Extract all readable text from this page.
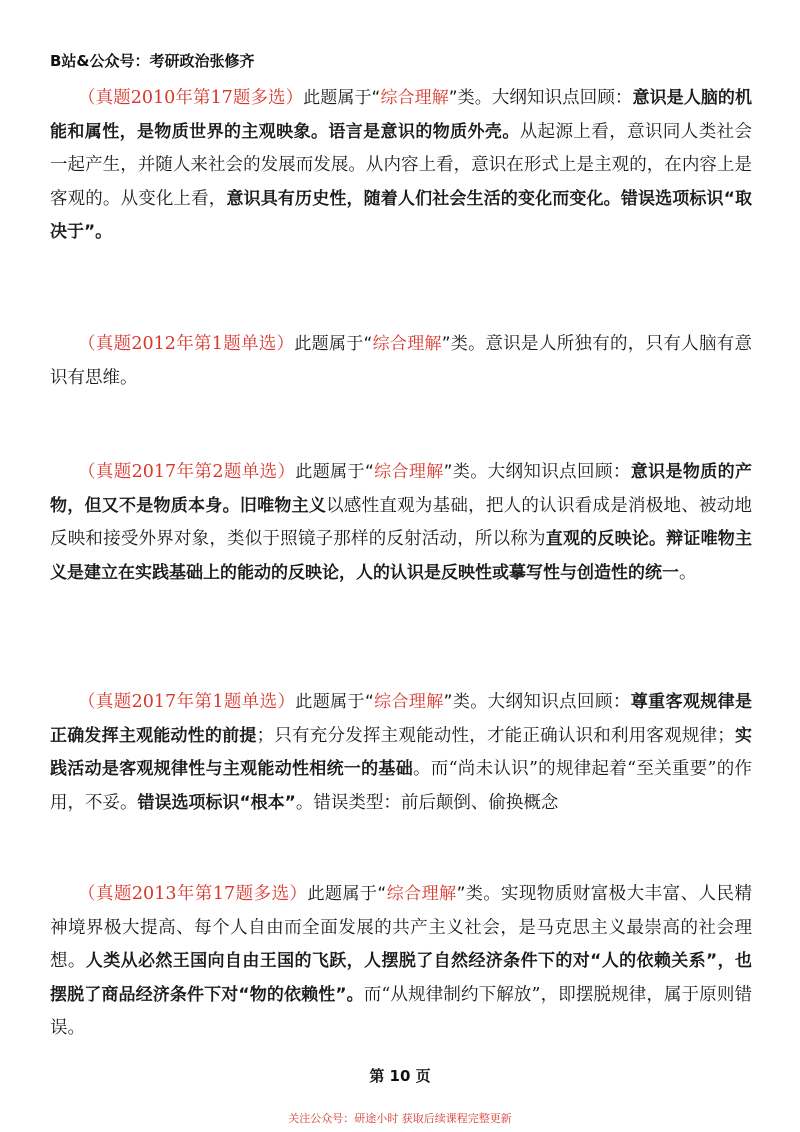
B站&公众号：考研政治张修齐

（真题2010年第17题多选）此题属于“综合理解”类。大纲知识点回顾：意识是人脑的机能和属性，是物质世界的主观映象。语言是意识的物质外壳。从起源上看，意识同人类社会一起产生，并随人来社会的发展而发展。从内容上看，意识在形式上是主观的，在内容上是客观的。从变化上看，意识具有历史性，随着人们社会生活的变化而变化。错误选项标识“取决于”。

（真题2012年第1题单选）此题属于“综合理解”类。意识是人所独有的，只有人脑有意识有思维。

（真题2017年第2题单选）此题属于“综合理解”类。大纲知识点回顾：意识是物质的产物，但又不是物质本身。旧唯物主义以感性直观为基础，把人的认识看成是消极地、被动地反映和接受外界对象，类似于照镜子那样的反射活动，所以称为直观的反映论。辩证唯物主义是建立在实践基础上的能动的反映论，人的认识是反映性或摹写性与创造性的统一。

（真题2017年第1题单选）此题属于“综合理解”类。大纲知识点回顾：尊重客观规律是正确发挥主观能动性的前提；只有充分发挥主观能动性，才能正确认识和利用客观规律；实践活动是客观规律性与主观能动性相统一的基础。而“尚未认识”的规律起着“至关重要”的作用，不妥。错误选项标识“根本”。错误类型：前后颠倒、偷换概念

（真题2013年第17题多选）此题属于“综合理解”类。实现物质财富极大丰富、人民精神境界极大提高、每个人自由而全面发展的共产主义社会，是马克思主义最崇高的社会理想。人类从必然王国向自由王国的飞跃，人摆脱了自然经济条件下的对“人的依赖关系”，也摆脱了商品经济条件下对“物的依赖性”。而“从规律制约下解放”，即摆脱规律，属于原则错误。

第 10 页
关注公众号：研途小时 获取后续课程完整更新
